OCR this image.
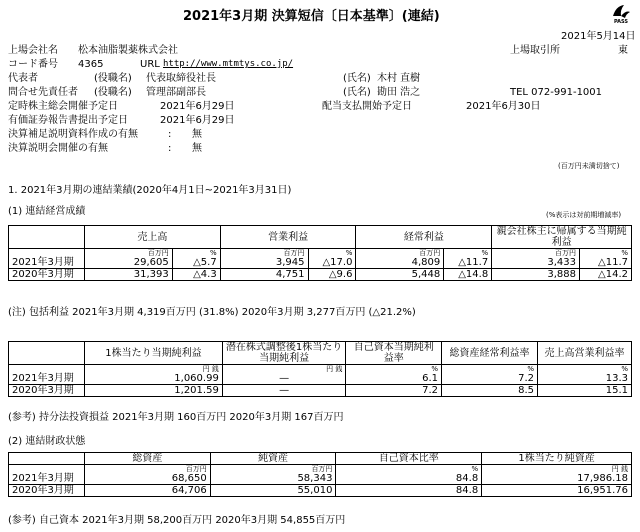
PASS
2021年3月期 決算短信〔日本基準〕(連結)
2021年5月14日
上場会社名 松本油脂製薬株式会社	上場取引所	東
コード番号 4365	URL http://www.mtmtys.co.jp/
代表者	(役職名) 代表取締役社長	(氏名) 木村 直樹
問合せ先責任者 (役職名) 管理部副部長	(氏名) 勘田 浩之	TEL 072-991-1001
定時株主総会開催予定日	2021年6月29日	配当支払開始予定日	2021年6月30日
有価証券報告書提出予定日	2021年6月29日
決算補足説明資料作成の有無	: 無
決算説明会開催の有無	: 無
(百万円未満切捨て)
1. 2021年3月期の連結業績(2020年4月1日~2021年3月31日)
(1) 連結経営成績	(%表示は対前期増減率)
	売上高		営業利益		経常利益		親会社株主に帰属する当期純利益	
	百万円	%	百万円	%	百万円	%	百万円	%
2021年3月期	29,605	△5.7	3,945	△17.0	4,809	△11.7	3,433	△11.7
2020年3月期	31,393	△4.3	4,751	△9.6	5,448	△14.8	3,888	△14.2
(注) 包括利益 2021年3月期 4,319百万円 (31.8%) 2020年3月期 3,277百万円 (△21.2%)
	1株当たり当期純利益	潜在株式調整後1株当たり当期純利益	自己資本当期純利益率	総資産経常利益率	売上高営業利益率
	円 銭	円 銭	%	%	%
2021年3月期	1,060.99	—	6.1	7.2	13.3
2020年3月期	1,201.59	—	7.2	8.5	15.1
(参考) 持分法投資損益 2021年3月期 160百万円 2020年3月期 167百万円
(2) 連結財政状態
	総資産	純資産	自己資本比率	1株当たり純資産
	百万円	百万円	%	円 銭
2021年3月期	68,650	58,343	84.8	17,986.18
2020年3月期	64,706	55,010	84.8	16,951.76
(参考) 自己資本 2021年3月期 58,200百万円 2020年3月期 54,855百万円
